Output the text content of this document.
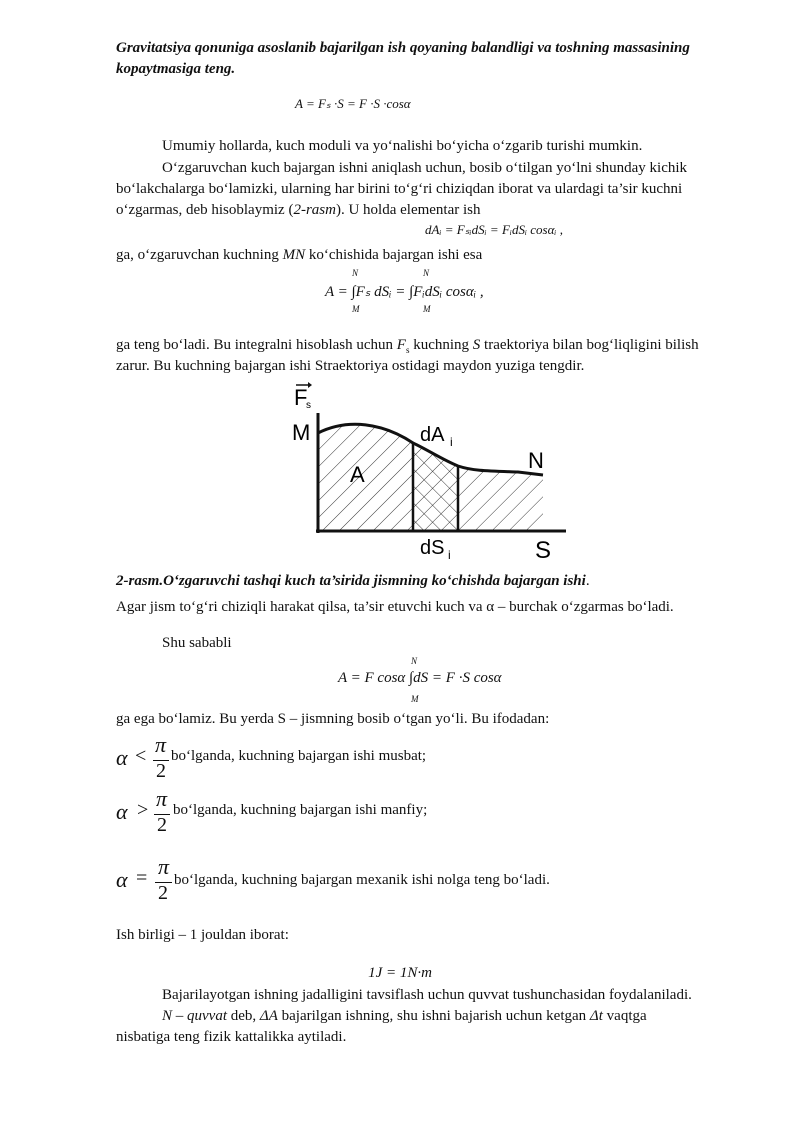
Gravitatsiya qonuniga asoslanib bajarilgan ish qoyaning balandligi va toshning massasining
kopaytmasiga teng.
A = Fₛ ·S = F ·S ·cosα
Umumiy hollarda, kuch moduli va yo‘nalishi bo‘yicha o‘zgarib turishi mumkin.
O‘zgaruvchan kuch bajargan ishni aniqlash uchun, bosib o‘tilgan yo‘lni shunday kichik
bo‘lakchalarga bo‘lamizki, ularning har birini to‘g‘ri chiziqdan iborat va ulardagi ta’sir kuchni
o‘zgarmas, deb hisoblaymiz (2-rasm). U holda elementar ish
dAᵢ = FₛᵢdSᵢ = FᵢdSᵢ cosαᵢ ,
ga, o‘zgaruvchan kuchning MN ko‘chishida bajargan ishi esa
N	N
A = ∫Fₛ dSᵢ = ∫FᵢdSᵢ cosαᵢ ,
M	M
ga teng bo‘ladi. Bu integralni hisoblash uchun $F_s$ kuchning S traektoriya bilan bog‘liqligini bilish
zarur. Bu kuchning bajargan ishi Straektoriya ostidagi maydon yuziga tengdir.
F
s
M
A
dA i
N
dS i	S
2-rasm.O‘zgaruvchi tashqi kuch ta’sirida jismning ko‘chishda bajargan ishi.
Agar jism to‘g‘ri chiziqli harakat qilsa, ta’sir etuvchi kuch va α – burchak o‘zgarmas bo‘ladi.
Shu sababli
N
A = F cosα ∫dS = F ·S cosα
M
ga ega bo‘lamiz. Bu yerda S – jismning bosib o‘tgan yo‘li. Bu ifodadan:
α < π
2
bo‘lganda, kuchning bajargan ishi musbat;
α > π
2
bo‘lganda, kuchning bajargan ishi manfiy;
α = π
2
bo‘lganda, kuchning bajargan mexanik ishi nolga teng bo‘ladi.
Ish birligi – 1 jouldan iborat:
1J = 1N·m
Bajarilayotgan ishning jadalligini tavsiflash uchun quvvat tushunchasidan foydalaniladi.
N – quvvat deb, ΔA bajarilgan ishning, shu ishni bajarish uchun ketgan Δt vaqtga
nisbatiga teng fizik kattalikka aytiladi.
